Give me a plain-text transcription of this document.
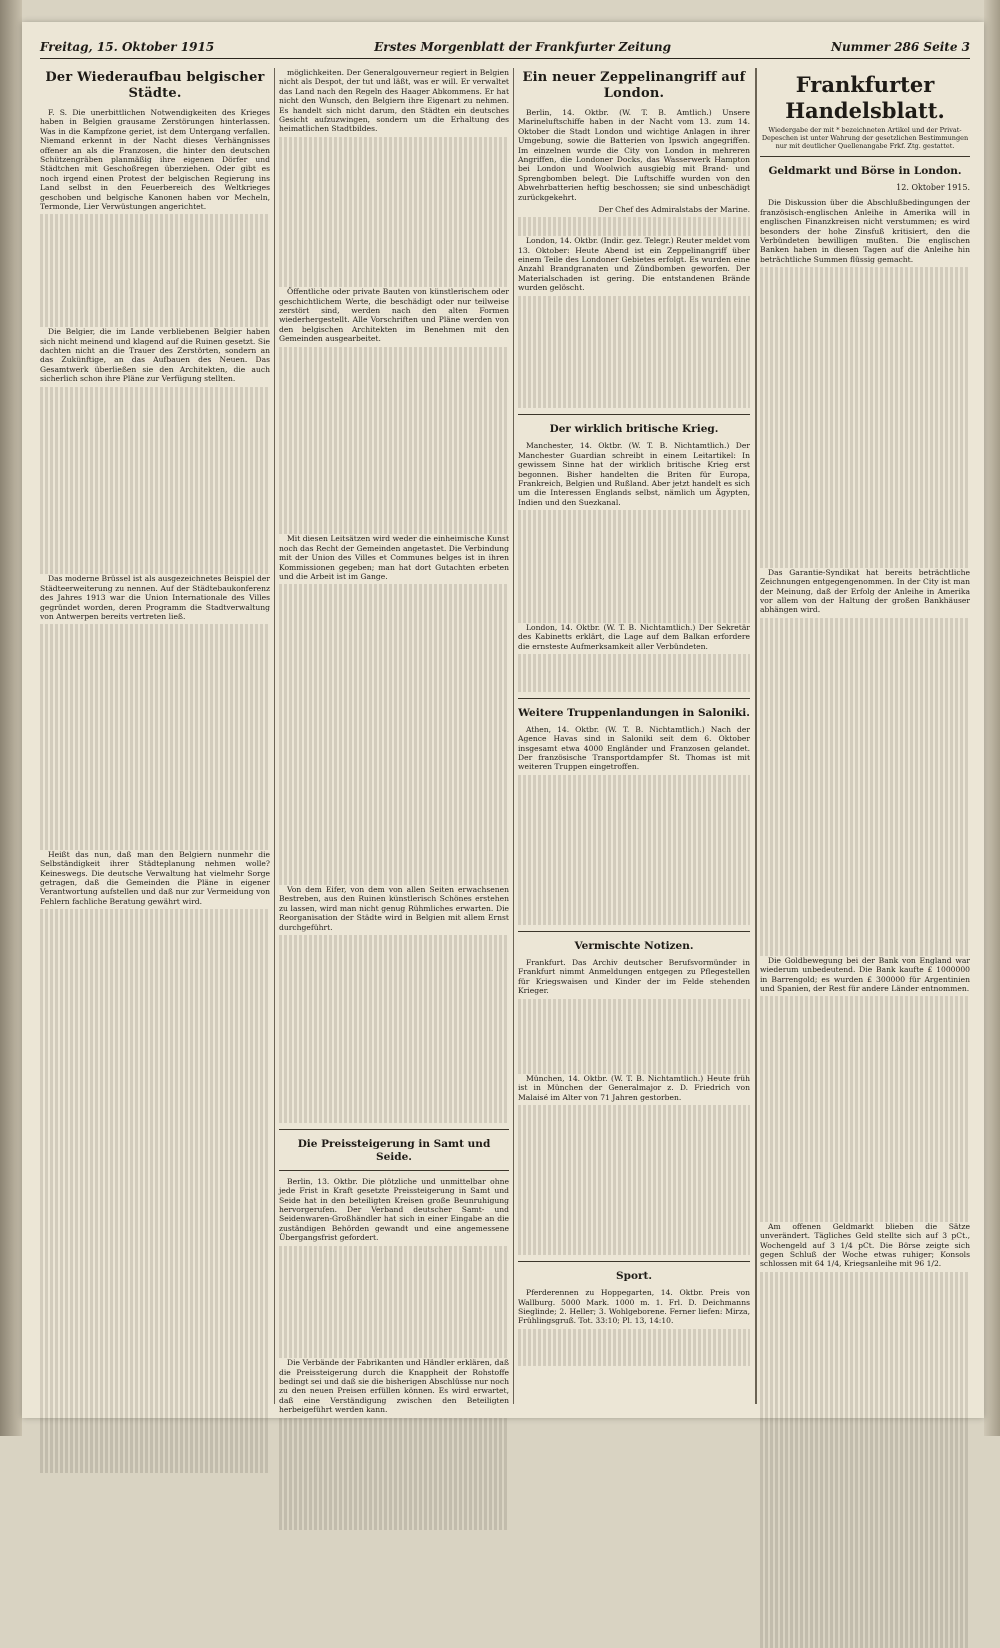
Freitag, 15. Oktober 1915	Erstes Morgenblatt der Frankfurter Zeitung	Nummer 286 Seite 3
Der Wiederaufbau belgischer Städte.

F. S. Die unerbittlichen Notwendigkeiten des Krieges haben in Belgien grausame Zerstörungen hinterlassen. Was in die Kampfzone geriet, ist dem Untergang verfallen. Niemand erkennt in der Nacht dieses Verhängnisses offener an als die Franzosen, die hinter den deutschen Schützengräben planmäßig ihre eigenen Dörfer und Städtchen mit Geschoßregen überziehen. Oder gibt es noch irgend einen Protest der belgischen Regierung ins Land selbst in den Feuerbereich des Weltkrieges geschoben und belgische Kanonen haben vor Mecheln, Termonde, Lier Verwüstungen angerichtet.

Die Belgier, die im Lande verbliebenen Belgier haben sich nicht meinend und klagend auf die Ruinen gesetzt. Sie dachten nicht an die Trauer des Zerstörten, sondern an das Zukünftige, an das Aufbauen des Neuen. Das Gesamtwerk überließen sie den Architekten, die auch sicherlich schon ihre Pläne zur Verfügung stellten.

Das moderne Brüssel ist als ausgezeichnetes Beispiel der Städteerweiterung zu nennen. Auf der Städtebaukonferenz des Jahres 1913 war die Union Internationale des Villes gegründet worden, deren Programm die Stadtverwaltung von Antwerpen bereits vertreten ließ.

Heißt das nun, daß man den Belgiern nunmehr die Selbständigkeit ihrer Städteplanung nehmen wolle? Keineswegs. Die deutsche Verwaltung hat vielmehr Sorge getragen, daß die Gemeinden die Pläne in eigener Verantwortung aufstellen und daß nur zur Vermeidung von Fehlern fachliche Beratung gewährt wird.

möglichkeiten. Der Generalgouverneur regiert in Belgien nicht als Despot, der tut und läßt, was er will. Er verwaltet das Land nach den Regeln des Haager Abkommens. Er hat nicht den Wunsch, den Belgiern ihre Eigenart zu nehmen. Es handelt sich nicht darum, den Städten ein deutsches Gesicht aufzuzwingen, sondern um die Erhaltung des heimatlichen Stadtbildes.

Öffentliche oder private Bauten von künstlerischem oder geschichtlichem Werte, die beschädigt oder nur teilweise zerstört sind, werden nach den alten Formen wiederhergestellt. Alle Vorschriften und Pläne werden von den belgischen Architekten im Benehmen mit den Gemeinden ausgearbeitet.

Mit diesen Leitsätzen wird weder die einheimische Kunst noch das Recht der Gemeinden angetastet. Die Verbindung mit der Union des Villes et Communes belges ist in ihren Kommissionen gegeben; man hat dort Gutachten erbeten und die Arbeit ist im Gange.

Von dem Eifer, von dem von allen Seiten erwachsenen Bestreben, aus den Ruinen künstlerisch Schönes erstehen zu lassen, wird man nicht genug Rühmliches erwarten. Die Reorganisation der Städte wird in Belgien mit allem Ernst durchgeführt.

Die Preissteigerung in Samt und Seide.

Berlin, 13. Oktbr. Die plötzliche und unmittelbar ohne jede Frist in Kraft gesetzte Preissteigerung in Samt und Seide hat in den beteiligten Kreisen große Beunruhigung hervorgerufen. Der Verband deutscher Samt- und Seidenwaren-Großhändler hat sich in einer Eingabe an die zuständigen Behörden gewandt und eine angemessene Übergangsfrist gefordert.

Die Verbände der Fabrikanten und Händler erklären, daß die Preissteigerung durch die Knappheit der Rohstoffe bedingt sei und daß sie die bisherigen Abschlüsse nur noch zu den neuen Preisen erfüllen können. Es wird erwartet, daß eine Verständigung zwischen den Beteiligten herbeigeführt werden kann.

Ein neuer Zeppelinangriff auf London.

Berlin, 14. Oktbr. (W. T. B. Amtlich.) Unsere Marineluftschiffe haben in der Nacht vom 13. zum 14. Oktober die Stadt London und wichtige Anlagen in ihrer Umgebung, sowie die Batterien von Ipswich angegriffen. Im einzelnen wurde die City von London in mehreren Angriffen, die Londoner Docks, das Wasserwerk Hampton bei London und Woolwich ausgiebig mit Brand- und Sprengbomben belegt. Die Luftschiffe wurden von den Abwehrbatterien heftig beschossen; sie sind unbeschädigt zurückgekehrt.

Der Chef des Admiralstabs der Marine.

London, 14. Oktbr. (Indir. gez. Telegr.) Reuter meldet vom 13. Oktober: Heute Abend ist ein Zeppelinangriff über einem Teile des Londoner Gebietes erfolgt. Es wurden eine Anzahl Brandgranaten und Zündbomben geworfen. Der Materialschaden ist gering. Die entstandenen Brände wurden gelöscht.

Der wirklich britische Krieg.

Manchester, 14. Oktbr. (W. T. B. Nichtamtlich.) Der Manchester Guardian schreibt in einem Leitartikel: In gewissem Sinne hat der wirklich britische Krieg erst begonnen. Bisher handelten die Briten für Europa, Frankreich, Belgien und Rußland. Aber jetzt handelt es sich um die Interessen Englands selbst, nämlich um Ägypten, Indien und den Suezkanal.

London, 14. Oktbr. (W. T. B. Nichtamtlich.) Der Sekretär des Kabinetts erklärt, die Lage auf dem Balkan erfordere die ernsteste Aufmerksamkeit aller Verbündeten.

Weitere Truppenlandungen in Saloniki.

Athen, 14. Oktbr. (W. T. B. Nichtamtlich.) Nach der Agence Havas sind in Saloniki seit dem 6. Oktober insgesamt etwa 4000 Engländer und Franzosen gelandet. Der französische Transportdampfer St. Thomas ist mit weiteren Truppen eingetroffen.

Vermischte Notizen.

Frankfurt. Das Archiv deutscher Berufsvormünder in Frankfurt nimmt Anmeldungen entgegen zu Pflegestellen für Kriegswaisen und Kinder der im Felde stehenden Krieger.

München, 14. Oktbr. (W. T. B. Nichtamtlich.) Heute früh ist in München der Generalmajor z. D. Friedrich von Malaisé im Alter von 71 Jahren gestorben.

Sport.

Pferderennen zu Hoppegarten, 14. Oktbr. Preis von Wallburg. 5000 Mark. 1000 m. 1. Frl. D. Deichmanns Sieglinde; 2. Heller; 3. Wohlgeborene. Ferner liefen: Mirza, Frühlingsgruß. Tot. 33:10; Pl. 13, 14:10.

Frankfurter Handelsblatt.
Wiedergabe der mit * bezeichneten Artikel und der Privat-Depeschen ist unter Wahrung der gesetzlichen Bestimmungen nur mit deutlicher Quellenangabe Frkf. Ztg. gestattet.
Geldmarkt und Börse in London.
12. Oktober 1915.

Die Diskussion über die Abschlußbedingungen der französisch-englischen Anleihe in Amerika will in englischen Finanzkreisen nicht verstummen; es wird besonders der hohe Zinsfuß kritisiert, den die Verbündeten bewilligen mußten. Die englischen Banken haben in diesen Tagen auf die Anleihe hin beträchtliche Summen flüssig gemacht.

Das Garantie-Syndikat hat bereits beträchtliche Zeichnungen entgegengenommen. In der City ist man der Meinung, daß der Erfolg der Anleihe in Amerika vor allem von der Haltung der großen Bankhäuser abhängen wird.

Die Goldbewegung bei der Bank von England war wiederum unbedeutend. Die Bank kaufte £ 1000000 in Barrengold; es wurden £ 300000 für Argentinien und Spanien, der Rest für andere Länder entnommen.

Am offenen Geldmarkt blieben die Sätze unverändert. Tägliches Geld stellte sich auf 3 pCt., Wochengeld auf 3 1/4 pCt. Die Börse zeigte sich gegen Schluß der Woche etwas ruhiger; Konsols schlossen mit 64 1/4, Kriegsanleihe mit 96 1/2.
